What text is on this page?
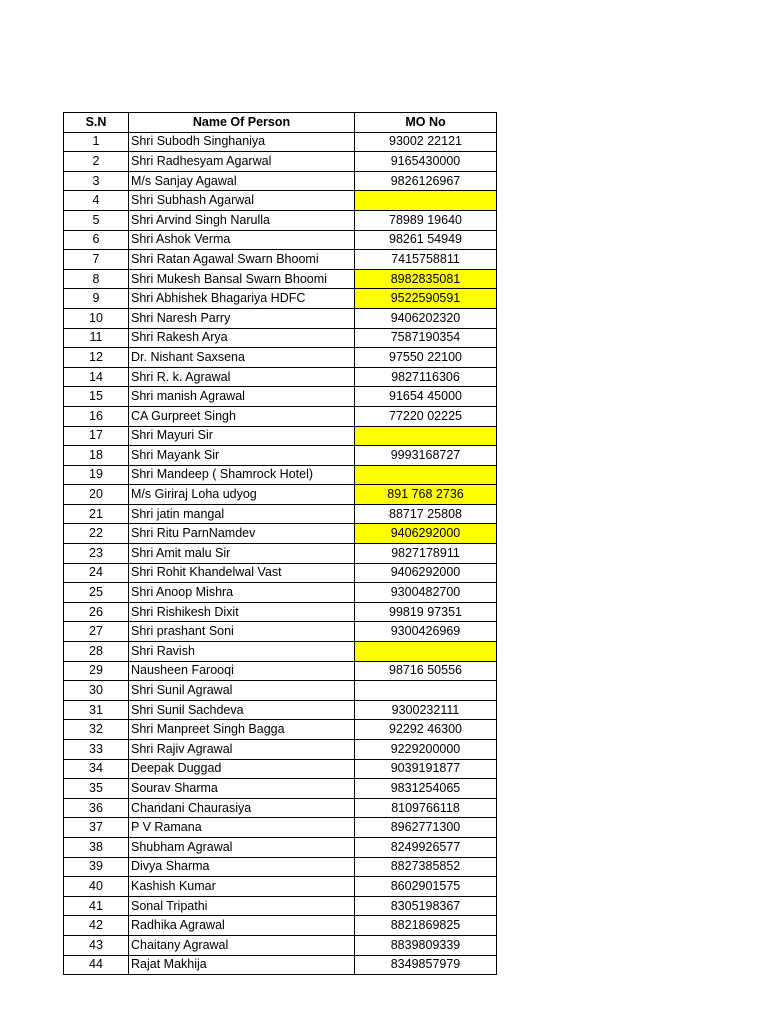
S.N	Name Of Person	MO No
1	Shri Subodh Singhaniya	93002 22121
2	Shri Radhesyam Agarwal	9165430000
3	M/s Sanjay Agawal	9826126967
4	Shri Subhash Agarwal	
5	Shri Arvind Singh Narulla	78989 19640
6	Shri Ashok Verma	98261 54949
7	Shri Ratan Agawal Swarn Bhoomi	7415758811
8	Shri Mukesh Bansal Swarn Bhoomi	8982835081
9	Shri Abhishek Bhagariya HDFC	9522590591
10	Shri Naresh Parry	9406202320
11	Shri Rakesh Arya	7587190354
12	Dr. Nishant Saxsena	97550 22100
14	Shri R. k. Agrawal	9827116306
15	Shri manish Agrawal	91654 45000
16	CA Gurpreet Singh	77220 02225
17	Shri Mayuri Sir	
18	Shri Mayank Sir	9993168727
19	Shri Mandeep ( Shamrock Hotel)	
20	M/s Giriraj Loha udyog	891 768 2736
21	Shri jatin mangal	88717 25808
22	Shri Ritu ParnNamdev	9406292000
23	Shri Amit malu Sir	9827178911
24	Shri Rohit Khandelwal Vast	9406292000
25	Shri Anoop Mishra	9300482700
26	Shri Rishikesh Dixit	99819 97351
27	Shri prashant Soni	9300426969
28	Shri Ravish	
29	Nausheen Farooqi	98716 50556
30	Shri Sunil Agrawal	
31	Shri Sunil Sachdeva	9300232111
32	Shri Manpreet Singh Bagga	92292 46300
33	Shri Rajiv Agrawal	9229200000
34	Deepak Duggad	9039191877
35	Sourav Sharma	9831254065
36	Chandani Chaurasiya	8109766118
37	P V Ramana	8962771300
38	Shubham Agrawal	8249926577
39	Divya Sharma	8827385852
40	Kashish Kumar	8602901575
41	Sonal Tripathi	8305198367
42	Radhika Agrawal	8821869825
43	Chaitany Agrawal	8839809339
44	Rajat Makhija	8349857979
